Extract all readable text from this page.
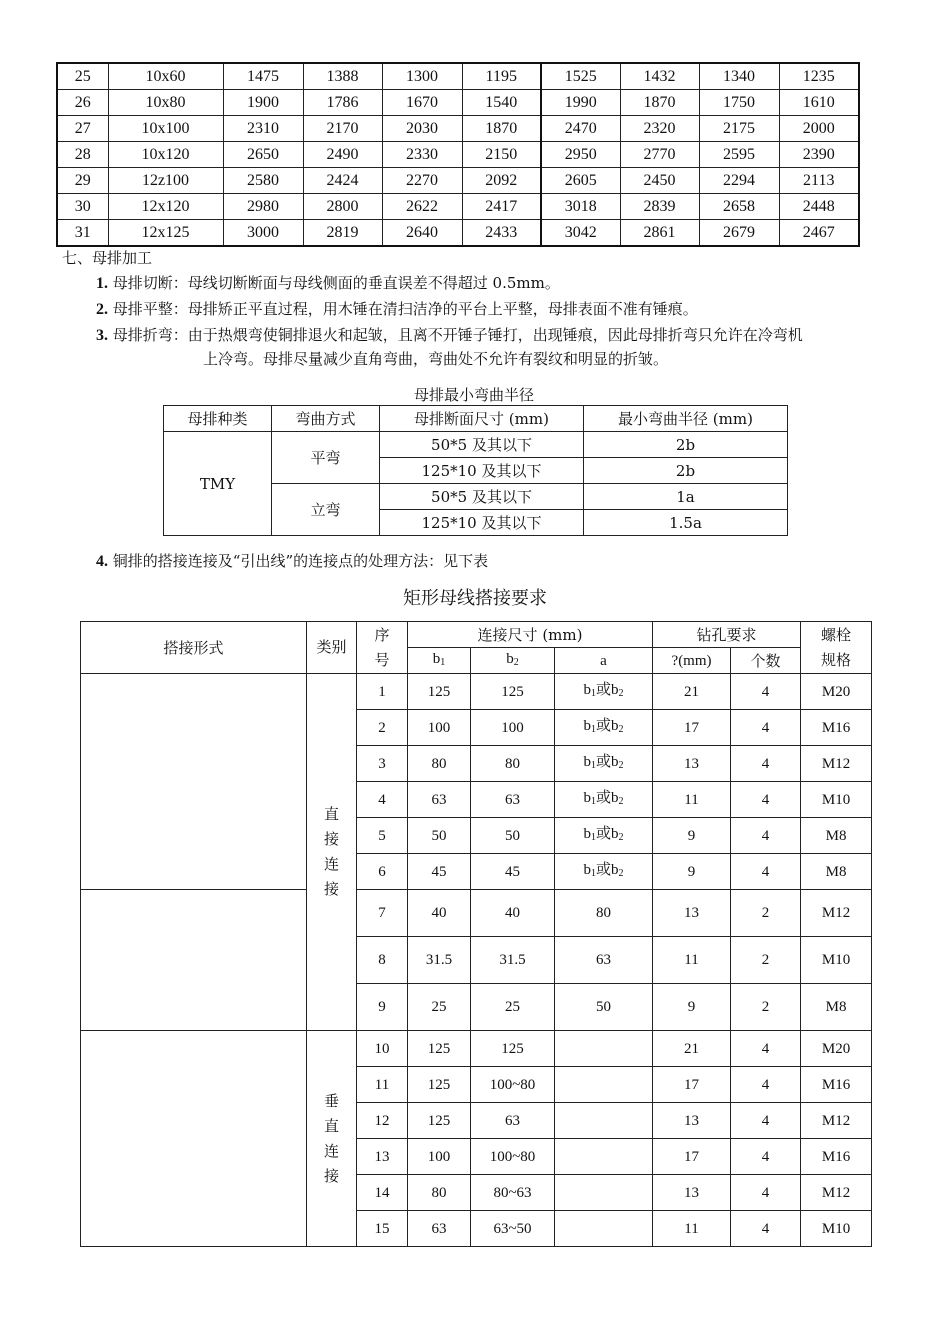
25	10x60	1475	1388	1300	1195	1525	1432	1340	1235
26	10x80	1900	1786	1670	1540	1990	1870	1750	1610
27	10x100	2310	2170	2030	1870	2470	2320	2175	2000
28	10x120	2650	2490	2330	2150	2950	2770	2595	2390
29	12z100	2580	2424	2270	2092	2605	2450	2294	2113
30	12x120	2980	2800	2622	2417	3018	2839	2658	2448
31	12x125	3000	2819	2640	2433	3042	2861	2679	2467
七、母排加工
1. 母排切断：母线切断断面与母线侧面的垂直误差不得超过 0.5mm。
2. 母排平整：母排矫正平直过程，用木锤在清扫洁净的平台上平整，母排表面不准有锤痕。
3. 母排折弯：由于热煨弯使铜排退火和起皱，且离不开锤子锤打，出现锤痕，因此母排折弯只允许在冷弯机
上冷弯。母排尽量减少直角弯曲，弯曲处不允许有裂纹和明显的折皱。
母排最小弯曲半径
母排种类	弯曲方式	母排断面尺寸 (mm)	最小弯曲半径 (mm)
TMY	平弯	50*5 及其以下	2b
		125*10 及其以下	2b
	立弯	50*5 及其以下	1a
		125*10 及其以下	1.5a
4. 铜排的搭接连接及“引出线”的连接点的处理方法：见下表
矩形母线搭接要求
搭接形式	类别	序号	连接尺寸 (mm)			钻孔要求		螺栓规格
			$b_1$	$b_2$	a	?(mm)	个数	
	直接连接	1	125	125	$b_1$或$b_2$	21	4	M20
		2	100	100	$b_1$或$b_2$	17	4	M16
		3	80	80	$b_1$或$b_2$	13	4	M12
		4	63	63	$b_1$或$b_2$	11	4	M10
		5	50	50	$b_1$或$b_2$	9	4	M8
		6	45	45	$b_1$或$b_2$	9	4	M8
		7	40	40	80	13	2	M12
		8	31.5	31.5	63	11	2	M10
		9	25	25	50	9	2	M8
	垂直连接	10	125	125		21	4	M20
		11	125	100~80		17	4	M16
		12	125	63		13	4	M12
		13	100	100~80		17	4	M16
		14	80	80~63		13	4	M12
		15	63	63~50		11	4	M10
